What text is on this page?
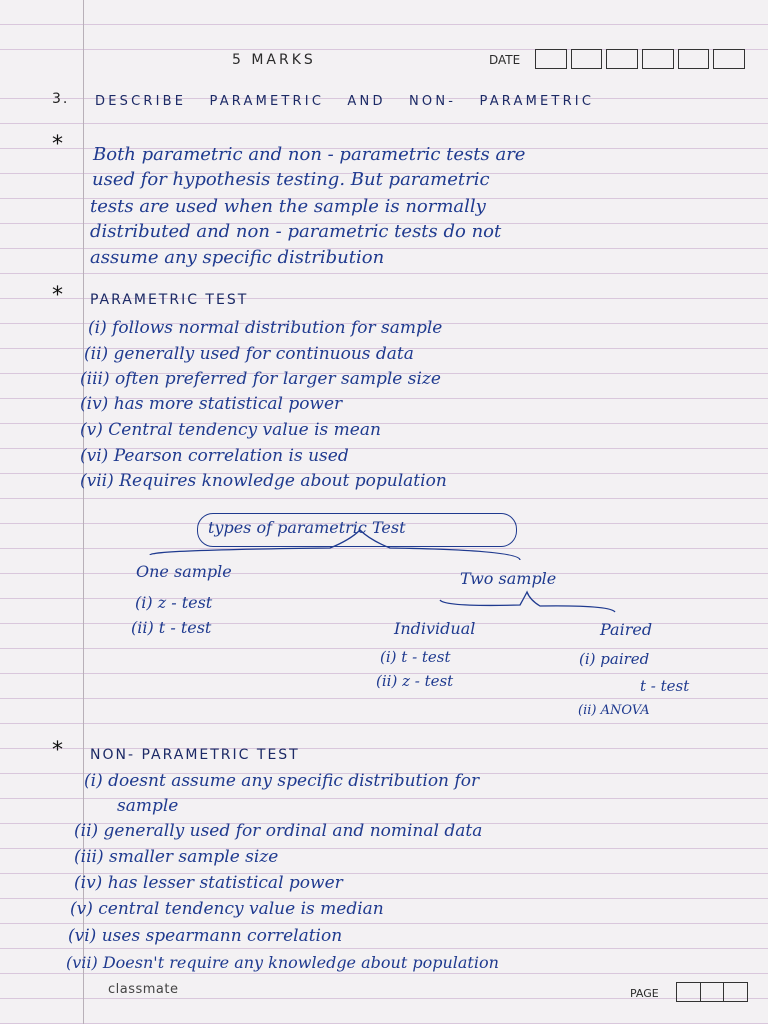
5 MARKS	DATE
3. DESCRIBE PARAMETRIC AND NON- PARAMETRIC
* Both parametric and non - parametric tests are
used for hypothesis testing. But parametric
tests are used when the sample is normally
distributed and non - parametric tests do not
assume any specific distribution
* PARAMETRIC TEST
(i) follows normal distribution for sample
(ii) generally used for continuous data
(iii) often preferred for larger sample size
(iv) has more statistical power
(v) Central tendency value is mean
(vi) Pearson correlation is used
(vii) Requires knowledge about population
types of parametric Test
One sample	Two sample
(i) z - test
(ii) t - test	Individual	Paired
(i) t - test
(ii) z - test
(i) paired
t - test
(ii) ANOVA
* NON- PARAMETRIC TEST
(i) doesnt assume any specific distribution for
sample
(ii) generally used for ordinal and nominal data
(iii) smaller sample size
(iv) has lesser statistical power
(v) central tendency value is median
(vi) uses spearmann correlation
(vii) Doesn't require any knowledge about population
classmate	PAGE
